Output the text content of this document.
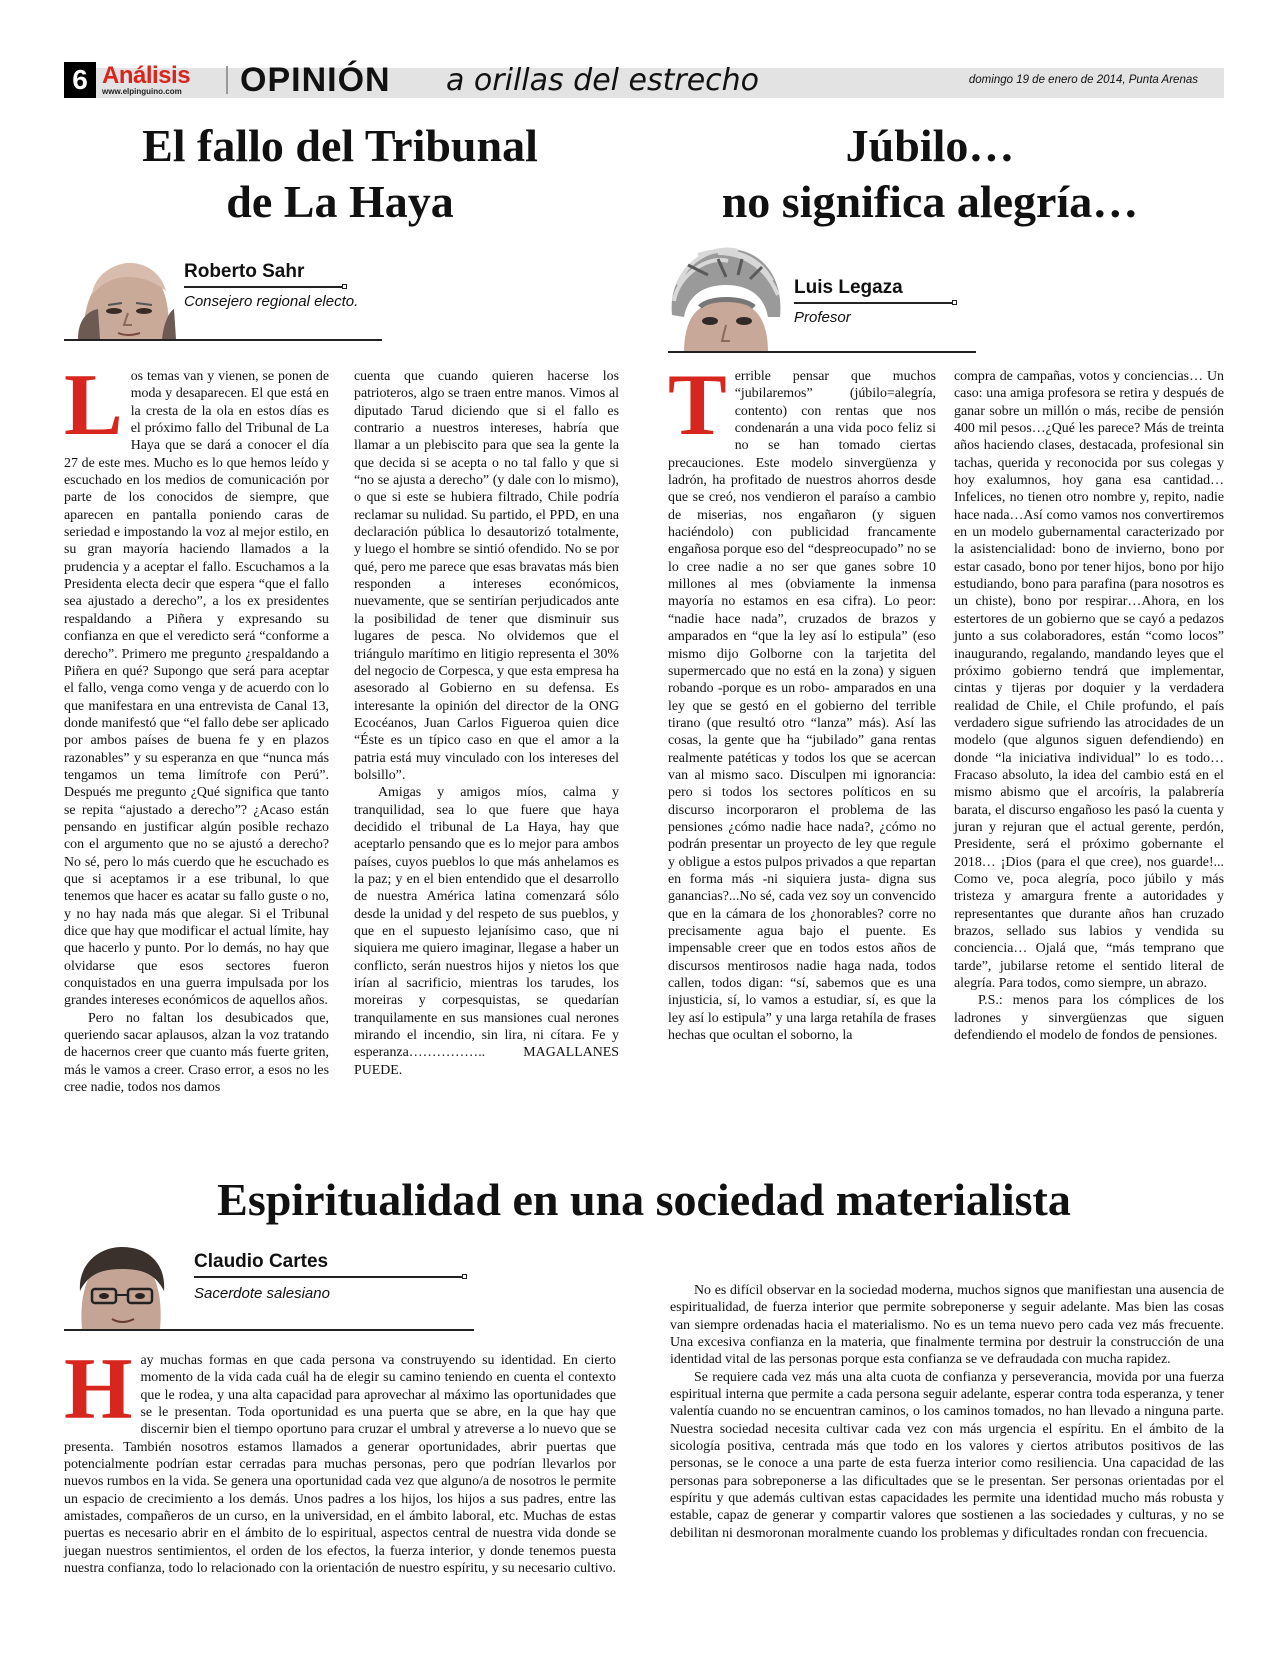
6 Análisis
www.elpinguino.com OPINIÓN a orillas del estrecho	domingo 19 de enero de 2014, Punta Arenas
El fallo del Tribunal
de La Haya
Roberto Sahr
Consejero regional electo.

Los temas van y vienen, se ponen de moda y desaparecen. El que está en la cresta de la ola en estos días es el próximo fallo del Tribunal de La Haya que se dará a conocer el día 27 de este mes. Mucho es lo que hemos leído y escuchado en los medios de comunicación por parte de los conocidos de siempre, que aparecen en pantalla poniendo caras de seriedad e impostando la voz al mejor estilo, en su gran mayoría haciendo llamados a la prudencia y a aceptar el fallo. Escuchamos a la Presidenta electa decir que espera “que el fallo sea ajustado a derecho”, a los ex presidentes respaldando a Piñera y expresando su confianza en que el veredicto será “conforme a derecho”. Primero me pregunto ¿respaldando a Piñera en qué? Supongo que será para aceptar el fallo, venga como venga y de acuerdo con lo que manifestara en una entrevista de Canal 13, donde manifestó que “el fallo debe ser aplicado por ambos países de buena fe y en plazos razonables” y su esperanza en que “nunca más tengamos un tema limítrofe con Perú”. Después me pregunto ¿Qué significa que tanto se repita “ajustado a derecho”? ¿Acaso están pensando en justificar algún posible rechazo con el argumento que no se ajustó a derecho? No sé, pero lo más cuerdo que he escuchado es que si aceptamos ir a ese tribunal, lo que tenemos que hacer es acatar su fallo guste o no, y no hay nada más que alegar. Si el Tribunal dice que hay que modificar el actual límite, hay que hacerlo y punto. Por lo demás, no hay que olvidarse que esos sectores fueron conquistados en una guerra impulsada por los grandes intereses económicos de aquellos años.

Pero no faltan los desubicados que, queriendo sacar aplausos, alzan la voz tratando de hacernos creer que cuanto más fuerte griten, más le vamos a creer. Craso error, a esos no les cree nadie, todos nos damos

cuenta que cuando quieren hacerse los patrioteros, algo se traen entre manos. Vimos al diputado Tarud diciendo que si el fallo es contrario a nuestros intereses, habría que llamar a un plebiscito para que sea la gente la que decida si se acepta o no tal fallo y que si “no se ajusta a derecho” (y dale con lo mismo), o que si este se hubiera filtrado, Chile podría reclamar su nulidad. Su partido, el PPD, en una declaración pública lo desautorizó totalmente, y luego el hombre se sintió ofendido. No se por qué, pero me parece que esas bravatas más bien responden a intereses económicos, nuevamente, que se sentirían perjudicados ante la posibilidad de tener que disminuir sus lugares de pesca. No olvidemos que el triángulo marítimo en litigio representa el 30% del negocio de Corpesca, y que esta empresa ha asesorado al Gobierno en su defensa. Es interesante la opinión del director de la ONG Ecocéanos, Juan Carlos Figueroa quien dice “Éste es un típico caso en que el amor a la patria está muy vinculado con los intereses del bolsillo”.

Amigas y amigos míos, calma y tranquilidad, sea lo que fuere que haya decidido el tribunal de La Haya, hay que aceptarlo pensando que es lo mejor para ambos países, cuyos pueblos lo que más anhelamos es la paz; y en el bien entendido que el desarrollo de nuestra América latina comenzará sólo desde la unidad y del respeto de sus pueblos, y que en el supuesto lejanísimo caso, que ni siquiera me quiero imaginar, llegase a haber un conflicto, serán nuestros hijos y nietos los que irían al sacrificio, mientras los tarudes, los moreiras y corpesquistas, se quedarían tranquilamente en sus mansiones cual nerones mirando el incendio, sin lira, ni cítara. Fe y esperanza…………….. MAGALLANES PUEDE.

Júbilo…
no significa alegría…
Luis Legaza
Profesor

Terrible pensar que muchos “jubilaremos” (júbilo=alegría, contento) con rentas que nos condenarán a una vida poco feliz si no se han tomado ciertas precauciones. Este modelo sinvergüenza y ladrón, ha profitado de nuestros ahorros desde que se creó, nos vendieron el paraíso a cambio de miserias, nos engañaron (y siguen haciéndolo) con publicidad francamente engañosa porque eso del “despreocupado” no se lo cree nadie a no ser que ganes sobre 10 millones al mes (obviamente la inmensa mayoría no estamos en esa cifra). Lo peor: “nadie hace nada”, cruzados de brazos y amparados en “que la ley así lo estipula” (eso mismo dijo Golborne con la tarjetita del supermercado que no está en la zona) y siguen robando -porque es un robo- amparados en una ley que se gestó en el gobierno del terrible tirano (que resultó otro “lanza” más). Así las cosas, la gente que ha “jubilado” gana rentas realmente patéticas y todos los que se acercan van al mismo saco. Disculpen mi ignorancia: pero si todos los sectores políticos en su discurso incorporaron el problema de las pensiones ¿cómo nadie hace nada?, ¿cómo no podrán presentar un proyecto de ley que regule y obligue a estos pulpos privados a que repartan en forma más -ni siquiera justa- digna sus ganancias?...No sé, cada vez soy un convencido que en la cámara de los ¿honorables? corre no precisamente agua bajo el puente. Es impensable creer que en todos estos años de discursos mentirosos nadie haga nada, todos callen, todos digan: “sí, sabemos que es una injusticia, sí, lo vamos a estudiar, sí, es que la ley así lo estipula” y una larga retahíla de frases hechas que ocultan el soborno, la

compra de campañas, votos y conciencias… Un caso: una amiga profesora se retira y después de ganar sobre un millón o más, recibe de pensión 400 mil pesos…¿Qué les parece? Más de treinta años haciendo clases, destacada, profesional sin tachas, querida y reconocida por sus colegas y hoy exalumnos, hoy gana esa cantidad… Infelices, no tienen otro nombre y, repito, nadie hace nada…Así como vamos nos convertiremos en un modelo gubernamental caracterizado por la asistencialidad: bono de invierno, bono por estar casado, bono por tener hijos, bono por hijo estudiando, bono para parafina (para nosotros es un chiste), bono por respirar…Ahora, en los estertores de un gobierno que se cayó a pedazos junto a sus colaboradores, están “como locos” inaugurando, regalando, mandando leyes que el próximo gobierno tendrá que implementar, cintas y tijeras por doquier y la verdadera realidad de Chile, el Chile profundo, el país verdadero sigue sufriendo las atrocidades de un modelo (que algunos siguen defendiendo) en donde “la iniciativa individual” lo es todo… Fracaso absoluto, la idea del cambio está en el mismo abismo que el arcoíris, la palabrería barata, el discurso engañoso les pasó la cuenta y juran y rejuran que el actual gerente, perdón, Presidente, será el próximo gobernante el 2018… ¡Dios (para el que cree), nos guarde!... Como ve, poca alegría, poco júbilo y más tristeza y amargura frente a autoridades y representantes que durante años han cruzado brazos, sellado sus labios y vendida su conciencia… Ojalá que, “más temprano que tarde”, jubilarse retome el sentido literal de alegría. Para todos, como siempre, un abrazo.

P.S.: menos para los cómplices de los ladrones y sinvergüenzas que siguen defendiendo el modelo de fondos de pensiones.

Espiritualidad en una sociedad materialista
Claudio Cartes
Sacerdote salesiano

Hay muchas formas en que cada persona va construyendo su identidad. En cierto momento de la vida cada cuál ha de elegir su camino teniendo en cuenta el contexto que le rodea, y una alta capacidad para aprovechar al máximo las oportunidades que se le presentan. Toda oportunidad es una puerta que se abre, en la que hay que discernir bien el tiempo oportuno para cruzar el umbral y atreverse a lo nuevo que se presenta. También nosotros estamos llamados a generar oportunidades, abrir puertas que potencialmente podrían estar cerradas para muchas personas, pero que podrían llevarlos por nuevos rumbos en la vida. Se genera una oportunidad cada vez que alguno/a de nosotros le permite un espacio de crecimiento a los demás. Unos padres a los hijos, los hijos a sus padres, entre las amistades, compañeros de un curso, en la universidad, en el ámbito laboral, etc. Muchas de estas puertas es necesario abrir en el ámbito de lo espiritual, aspectos central de nuestra vida donde se juegan nuestros sentimientos, el orden de los efectos, la fuerza interior, y donde tenemos puesta nuestra confianza, todo lo relacionado con la orientación de nuestro espíritu, y su necesario cultivo.

No es difícil observar en la sociedad moderna, muchos signos que manifiestan una ausencia de espiritualidad, de fuerza interior que permite sobreponerse y seguir adelante. Mas bien las cosas van siempre ordenadas hacia el materialismo. No es un tema nuevo pero cada vez más frecuente. Una excesiva confianza en la materia, que finalmente termina por destruir la construcción de una identidad vital de las personas porque esta confianza se ve defraudada con mucha rapidez.

Se requiere cada vez más una alta cuota de confianza y perseverancia, movida por una fuerza espiritual interna que permite a cada persona seguir adelante, esperar contra toda esperanza, y tener valentía cuando no se encuentran caminos, o los caminos tomados, no han llevado a ninguna parte. Nuestra sociedad necesita cultivar cada vez con más urgencia el espíritu. En el ámbito de la sicología positiva, centrada más que todo en los valores y ciertos atributos positivos de las personas, se le conoce a una parte de esta fuerza interior como resiliencia. Una capacidad de las personas para sobreponerse a las dificultades que se le presentan. Ser personas orientadas por el espíritu y que además cultivan estas capacidades les permite una identidad mucho más robusta y estable, capaz de generar y compartir valores que sostienen a las sociedades y culturas, y no se debilitan ni desmoronan moralmente cuando los problemas y dificultades rondan con frecuencia.
